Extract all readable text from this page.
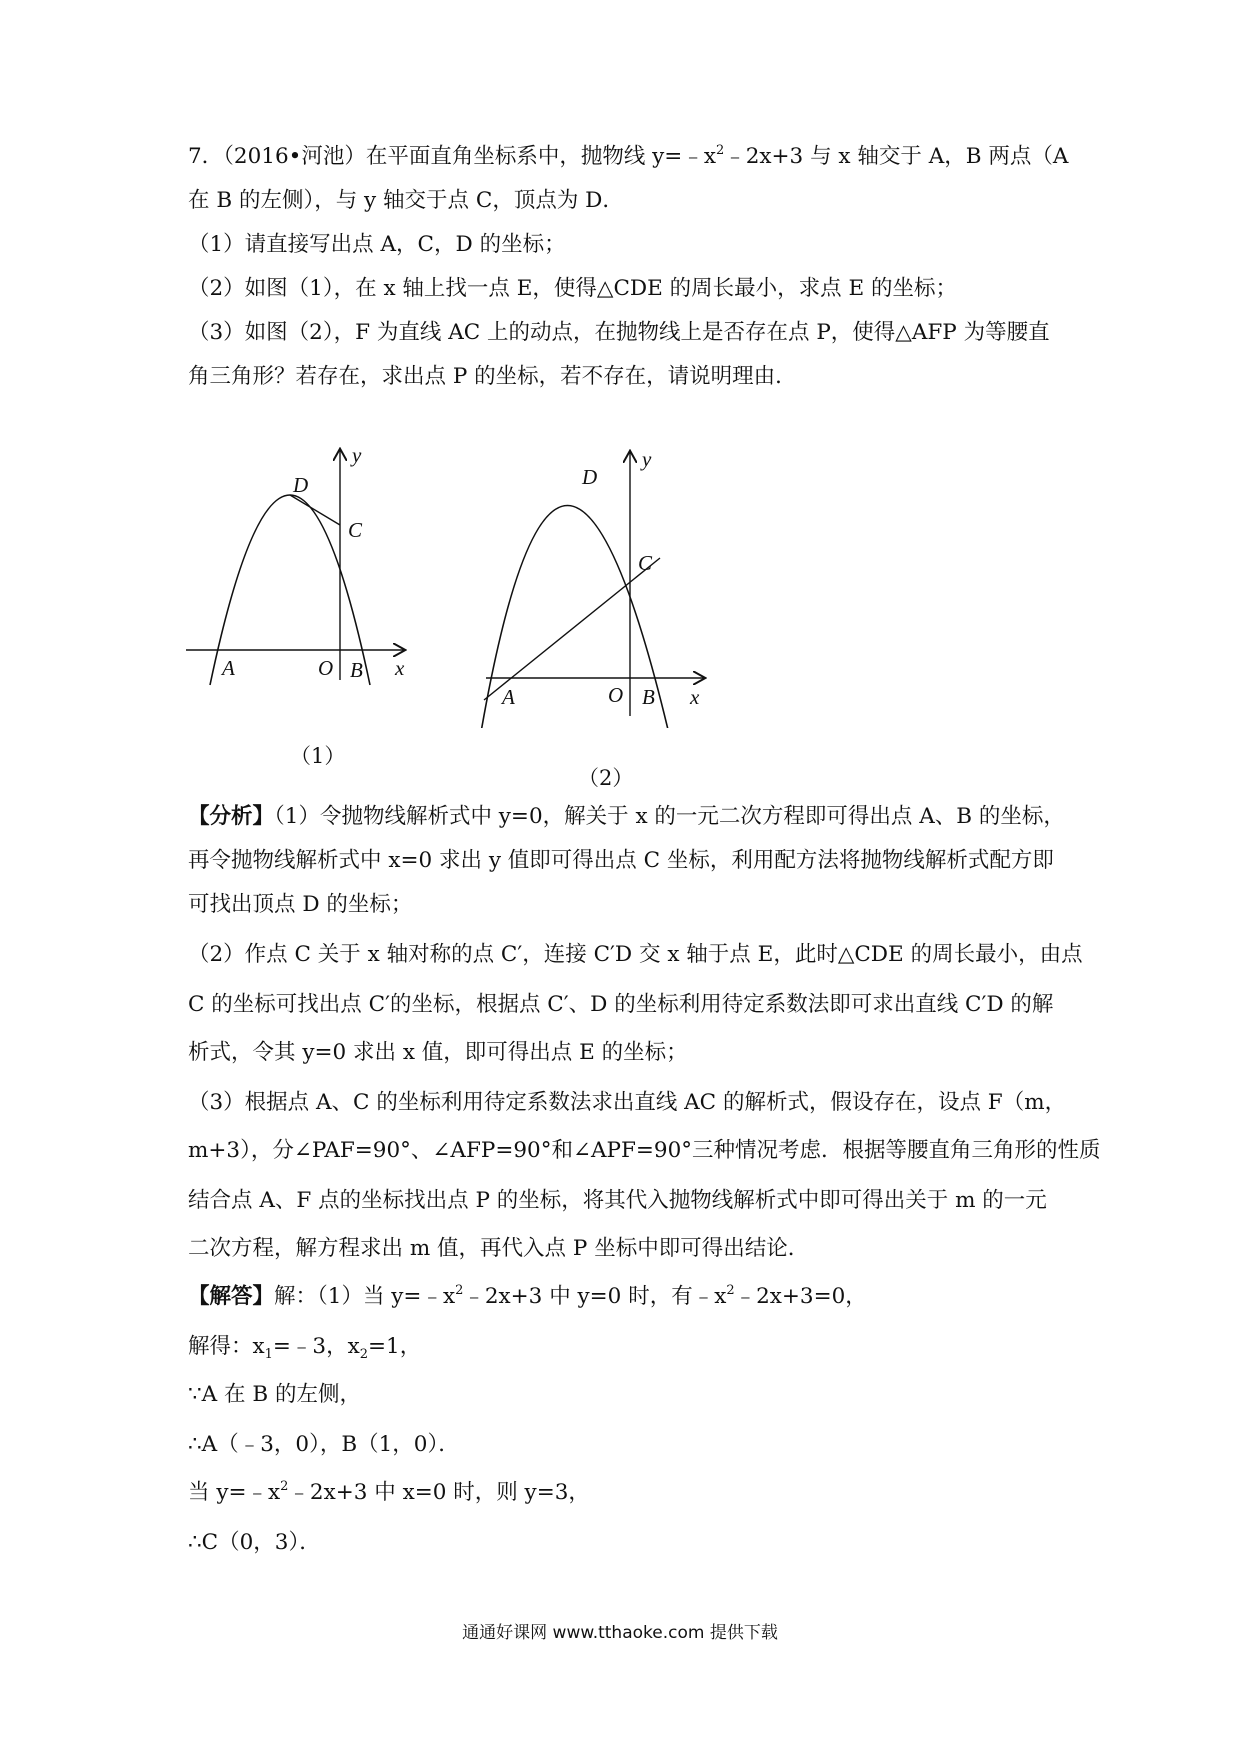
7．（2016•河池）在平面直角坐标系中，抛物线 $y=﹣x^2﹣2x+3$ 与 x 轴交于 A，B 两点（A
在 B 的左侧），与 y 轴交于点 C，顶点为 D．
（1）请直接写出点 A，C，D 的坐标；
（2）如图（1），在 x 轴上找一点 E，使得△CDE 的周长最小，求点 E 的坐标；
（3）如图（2），F 为直线 AC 上的动点，在抛物线上是否存在点 P，使得△AFP 为等腰直
角三角形？若存在，求出点 P 的坐标，若不存在，请说明理由．
D
y
C
A	O B x
（1）
D
y
C
A	O B x
（2）
【分析】（1）令抛物线解析式中 y=0，解关于 x 的一元二次方程即可得出点 A、B 的坐标，
再令抛物线解析式中 x=0 求出 y 值即可得出点 C 坐标，利用配方法将抛物线解析式配方即
可找出顶点 D 的坐标；
（2）作点 C 关于 x 轴对称的点 C′，连接 C′D 交 x 轴于点 E，此时△CDE 的周长最小，由点
C 的坐标可找出点 C′的坐标，根据点 C′、D 的坐标利用待定系数法即可求出直线 C′D 的解
析式，令其 y=0 求出 x 值，即可得出点 E 的坐标；
（3）根据点 A、C 的坐标利用待定系数法求出直线 AC 的解析式，假设存在，设点 F（m，
m+3），分∠PAF=90°、∠AFP=90°和∠APF=90°三种情况考虑．根据等腰直角三角形的性质
结合点 A、F 点的坐标找出点 P 的坐标，将其代入抛物线解析式中即可得出关于 m 的一元
二次方程，解方程求出 m 值，再代入点 P 坐标中即可得出结论．
【解答】解：（1）当 $y=﹣x^2﹣2x+3$ 中 y=0 时，有$﹣x^2﹣2x+3=0$，
解得：$x_1=﹣3$，$x_2=1$，
∵A 在 B 的左侧，
∴A（﹣3，0），B（1，0）．
当 $y=﹣x^2﹣2x+3$ 中 x=0 时，则 y=3，
∴C（0，3）．
通通好课网 www.tthaoke.com 提供下载
